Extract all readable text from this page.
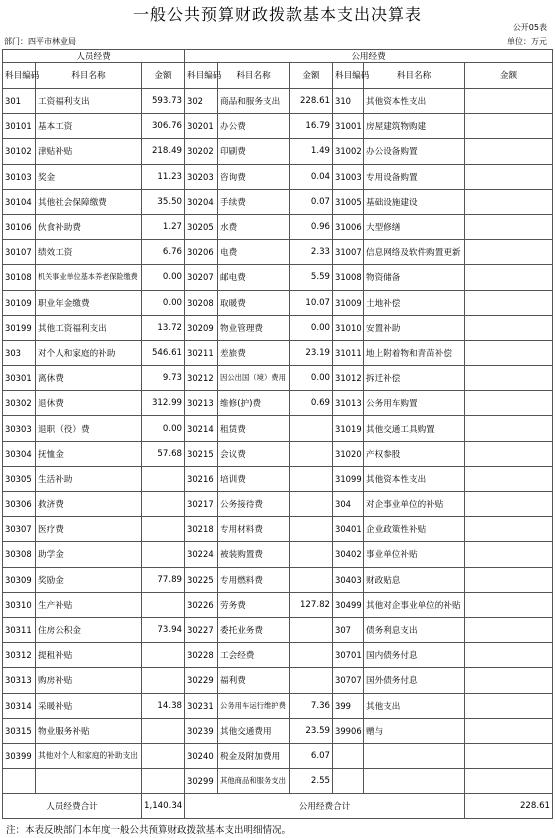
一般公共预算财政拨款基本支出决算表
公开05表
部门：四平市林业局	单位：万元
人员经费			公用经费					
科目编码	科目名称	金额	科目编码	科目名称	金额	科目编码	科目名称	金额
301	工资福利支出	593.73	302	商品和服务支出	228.61	310	其他资本性支出	
30101	基本工资	306.76	30201	办公费	16.79	31001	房屋建筑物购建	
30102	津贴补贴	218.49	30202	印刷费	1.49	31002	办公设备购置	
30103	奖金	11.23	30203	咨询费	0.04	31003	专用设备购置	
30104	其他社会保障缴费	35.50	30204	手续费	0.07	31005	基础设施建设	
30106	伙食补助费	1.27	30205	水费	0.96	31006	大型修缮	
30107	绩效工资	6.76	30206	电费	2.33	31007	信息网络及软件购置更新	
30108	机关事业单位基本养老保险缴费	0.00	30207	邮电费	5.59	31008	物资储备	
30109	职业年金缴费	0.00	30208	取暖费	10.07	31009	土地补偿	
30199	其他工资福利支出	13.72	30209	物业管理费	0.00	31010	安置补助	
303	对个人和家庭的补助	546.61	30211	差旅费	23.19	31011	地上附着物和青苗补偿	
30301	离休费	9.73	30212	因公出国（境）费用	0.00	31012	拆迁补偿	
30302	退休费	312.99	30213	维修(护)费	0.69	31013	公务用车购置	
30303	退职（役）费	0.00	30214	租赁费		31019	其他交通工具购置	
30304	抚恤金	57.68	30215	会议费		31020	产权参股	
30305	生活补助		30216	培训费		31099	其他资本性支出	
30306	救济费		30217	公务接待费		304	对企事业单位的补贴	
30307	医疗费		30218	专用材料费		30401	企业政策性补贴	
30308	助学金		30224	被装购置费		30402	事业单位补贴	
30309	奖励金	77.89	30225	专用燃料费		30403	财政贴息	
30310	生产补贴		30226	劳务费	127.82	30499	其他对企事业单位的补贴	
30311	住房公积金	73.94	30227	委托业务费		307	债务利息支出	
30312	提租补贴		30228	工会经费		30701	国内债务付息	
30313	购房补贴		30229	福利费		30707	国外债务付息	
30314	采暖补贴	14.38	30231	公务用车运行维护费	7.36	399	其他支出	
30315	物业服务补贴		30239	其他交通费用	23.59	39906	赠与	
30399	其他对个人和家庭的补助支出		30240	税金及附加费用	6.07			
			30299	其他商品和服务支出	2.55			
人员经费合计		1,140.34	公用经费合计					228.61
注：本表反映部门本年度一般公共预算财政拨款基本支出明细情况。
